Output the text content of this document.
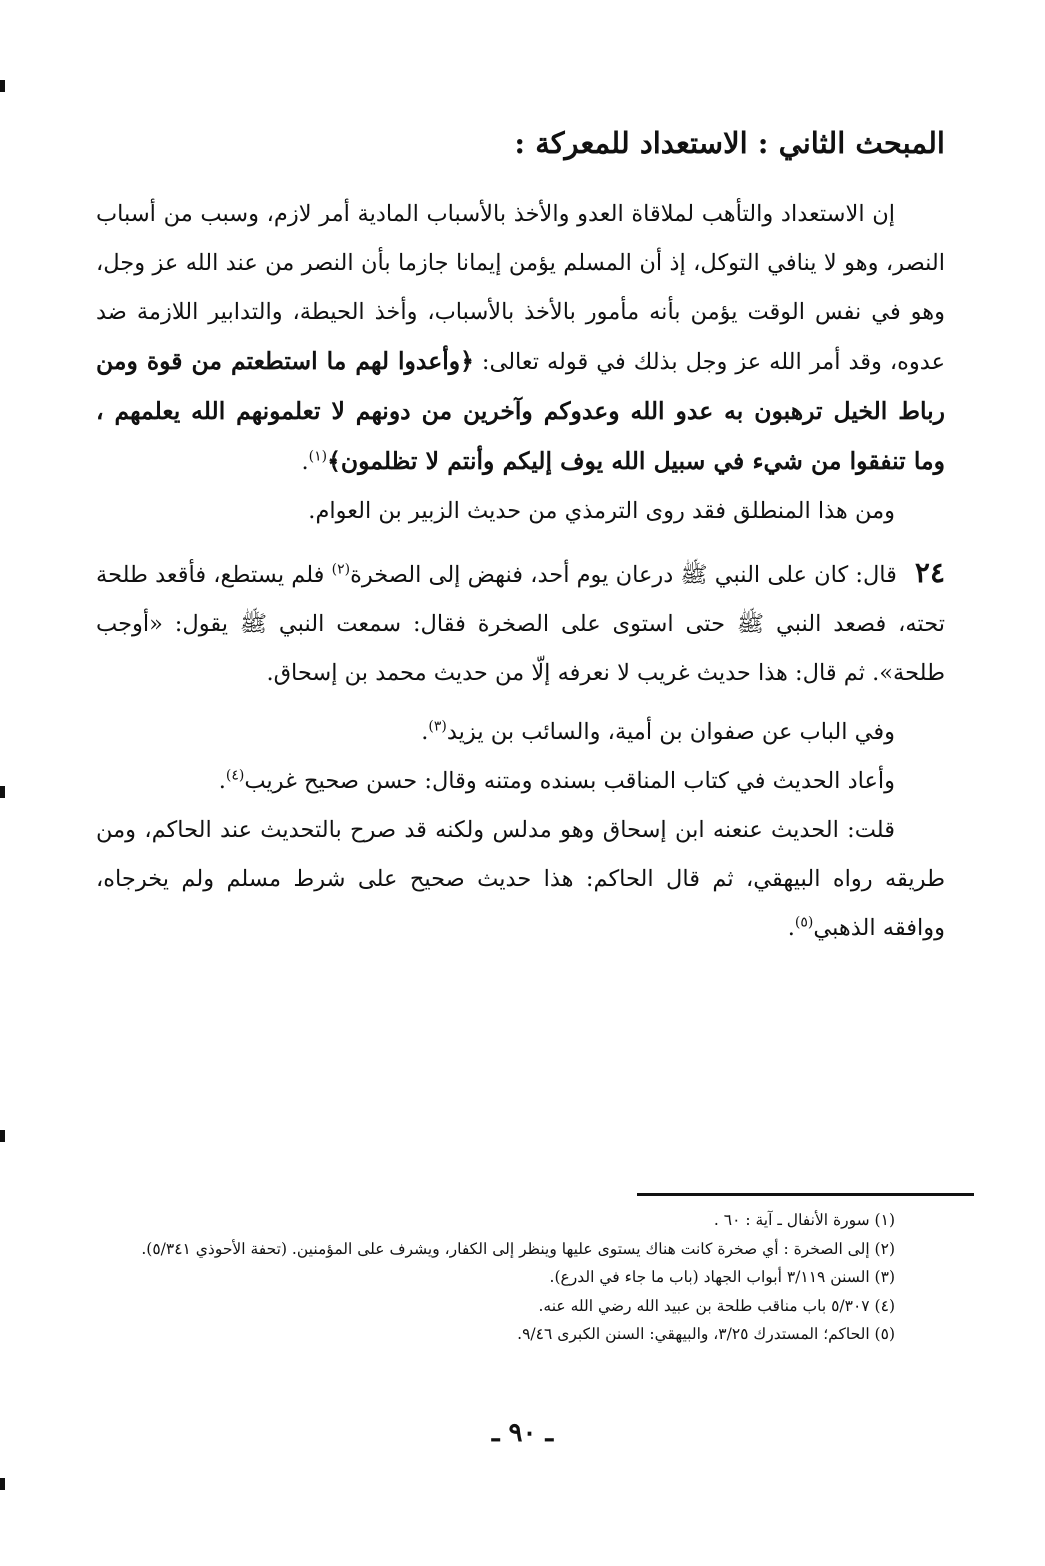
المبحث الثاني : الاستعداد للمعركة :

إن الاستعداد والتأهب لملاقاة العدو والأخذ بالأسباب المادية أمر لازم، وسبب من أسباب النصر، وهو لا ينافي التوكل، إذ أن المسلم يؤمن إيمانا جازما بأن النصر من عند الله عز وجل، وهو في نفس الوقت يؤمن بأنه مأمور بالأخذ بالأسباب، وأخذ الحيطة، والتدابير اللازمة ضد عدوه، وقد أمر الله عز وجل بذلك في قوله تعالى: ﴿وأعدوا لهم ما استطعتم من قوة ومن رباط الخيل ترهبون به عدو الله وعدوكم وآخرين من دونهم لا تعلمونهم الله يعلمهم ، وما تنفقوا من شيء في سبيل الله يوف إليكم وأنتم لا تظلمون﴾$^{(١)}$.

ومن هذا المنطلق فقد روى الترمذي من حديث الزبير بن العوام.

٢٤قال: كان على النبي ﷺ درعان يوم أحد، فنهض إلى الصخرة$^{(٢)}$ فلم يستطع، فأقعد طلحة تحته، فصعد النبي ﷺ حتى استوى على الصخرة فقال: سمعت النبي ﷺ يقول: «أوجب طلحة». ثم قال: هذا حديث غريب لا نعرفه إلّا من حديث محمد بن إسحاق.

وفي الباب عن صفوان بن أمية، والسائب بن يزيد$^{(٣)}$.

وأعاد الحديث في كتاب المناقب بسنده ومتنه وقال: حسن صحيح غريب$^{(٤)}$.

قلت: الحديث عنعنه ابن إسحاق وهو مدلس ولكنه قد صرح بالتحديث عند الحاكم، ومن طريقه رواه البيهقي، ثم قال الحاكم: هذا حديث صحيح على شرط مسلم ولم يخرجاه، ووافقه الذهبي$^{(٥)}$.

(١) سورة الأنفال ـ آية : ٦٠ .

(٢) إلى الصخرة : أي صخرة كانت هناك يستوى عليها وينظر إلى الكفار، ويشرف على المؤمنين. (تحفة الأحوذي ٥/٣٤١).

(٣) السنن ٣/١١٩ أبواب الجهاد (باب ما جاء في الدرع).

(٤) ٥/٣٠٧ باب مناقب طلحة بن عبيد الله رضي الله عنه.

(٥) الحاكم؛ المستدرك ٣/٢٥، والبيهقي: السنن الكبرى ٩/٤٦.

ـ ٩٠ ـ
